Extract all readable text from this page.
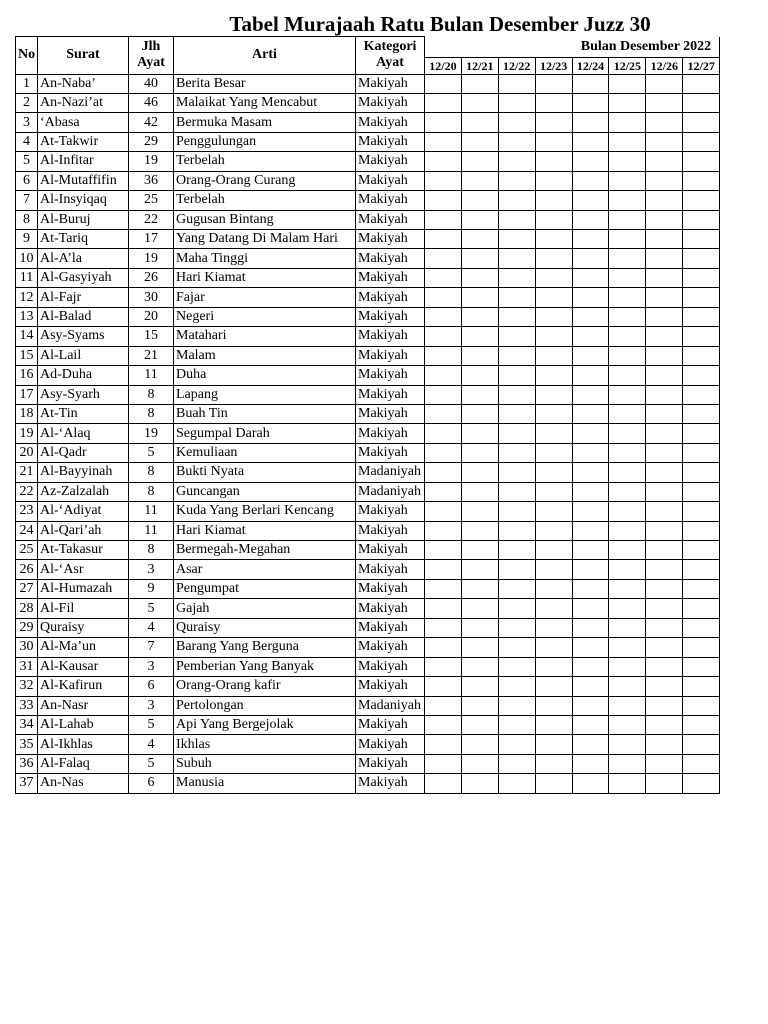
Tabel Murajaah Ratu Bulan Desember Juzz 30
No	Surat	Jlh Ayat	Arti	Kategori Ayat	Bulan Desember 2022							
					12/20	12/21	12/22	12/23	12/24	12/25	12/26	12/27
1	An-Naba’	40	Berita Besar	Makiyah								
2	An-Nazi’at	46	Malaikat Yang Mencabut	Makiyah								
3	‘Abasa	42	Bermuka Masam	Makiyah								
4	At-Takwir	29	Penggulungan	Makiyah								
5	Al-Infitar	19	Terbelah	Makiyah								
6	Al-Mutaffifin	36	Orang-Orang Curang	Makiyah								
7	Al-Insyiqaq	25	Terbelah	Makiyah								
8	Al-Buruj	22	Gugusan Bintang	Makiyah								
9	At-Tariq	17	Yang Datang Di Malam Hari	Makiyah								
10	Al-A’la	19	Maha Tinggi	Makiyah								
11	Al-Gasyiyah	26	Hari Kiamat	Makiyah								
12	Al-Fajr	30	Fajar	Makiyah								
13	Al-Balad	20	Negeri	Makiyah								
14	Asy-Syams	15	Matahari	Makiyah								
15	Al-Lail	21	Malam	Makiyah								
16	Ad-Duha	11	Duha	Makiyah								
17	Asy-Syarh	8	Lapang	Makiyah								
18	At-Tin	8	Buah Tin	Makiyah								
19	Al-‘Alaq	19	Segumpal Darah	Makiyah								
20	Al-Qadr	5	Kemuliaan	Makiyah								
21	Al-Bayyinah	8	Bukti Nyata	Madaniyah								
22	Az-Zalzalah	8	Guncangan	Madaniyah								
23	Al-‘Adiyat	11	Kuda Yang Berlari Kencang	Makiyah								
24	Al-Qari’ah	11	Hari Kiamat	Makiyah								
25	At-Takasur	8	Bermegah-Megahan	Makiyah								
26	Al-‘Asr	3	Asar	Makiyah								
27	Al-Humazah	9	Pengumpat	Makiyah								
28	Al-Fil	5	Gajah	Makiyah								
29	Quraisy	4	Quraisy	Makiyah								
30	Al-Ma’un	7	Barang Yang Berguna	Makiyah								
31	Al-Kausar	3	Pemberian Yang Banyak	Makiyah								
32	Al-Kafirun	6	Orang-Orang kafir	Makiyah								
33	An-Nasr	3	Pertolongan	Madaniyah								
34	Al-Lahab	5	Api Yang Bergejolak	Makiyah								
35	Al-Ikhlas	4	Ikhlas	Makiyah								
36	Al-Falaq	5	Subuh	Makiyah								
37	An-Nas	6	Manusia	Makiyah								
